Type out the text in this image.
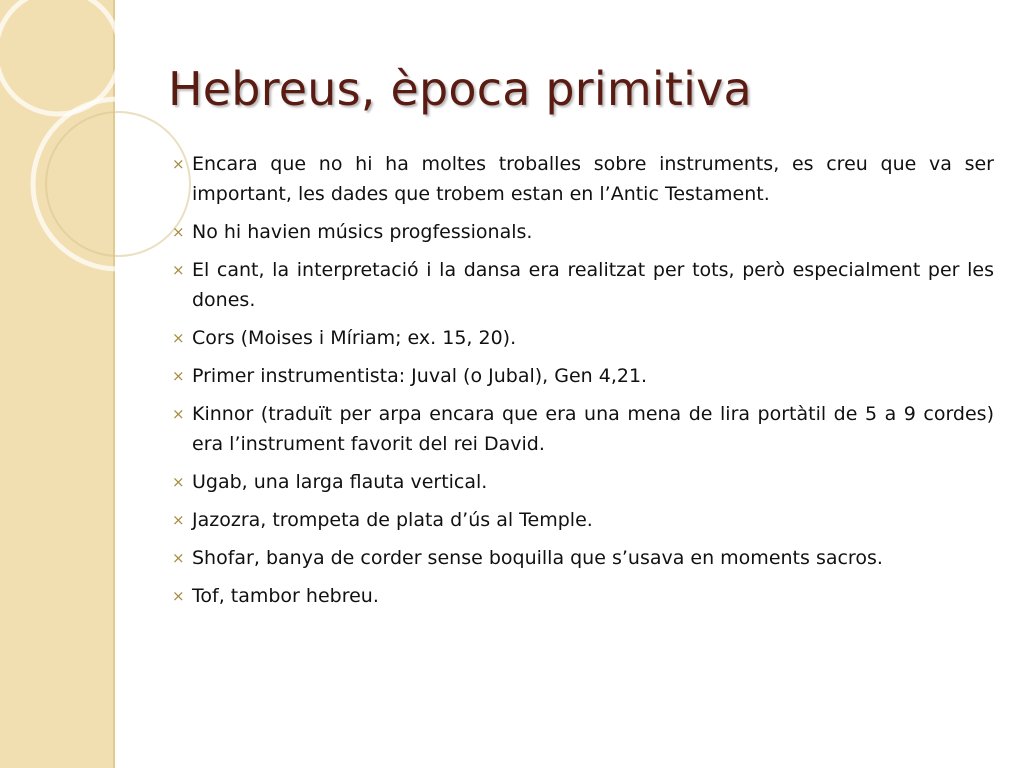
Hebreus, època primitiva
× Encara que no hi ha moltes troballes sobre instruments, es creu que va ser important, les dades que trobem estan en l’Antic Testament.
× No hi havien músics progfessionals.
× El cant, la interpretació i la dansa era realitzat per tots, però especialment per les dones.
× Cors (Moises i Míriam; ex. 15, 20).
× Primer instrumentista: Juval (o Jubal), Gen 4,21.
× Kinnor (traduït per arpa encara que era una mena de lira portàtil de 5 a 9 cordes) era l’instrument favorit del rei David.
× Ugab, una larga flauta vertical.
× Jazozra, trompeta de plata d’ús al Temple.
× Shofar, banya de corder sense boquilla que s’usava en moments sacros.
× Tof, tambor hebreu.
